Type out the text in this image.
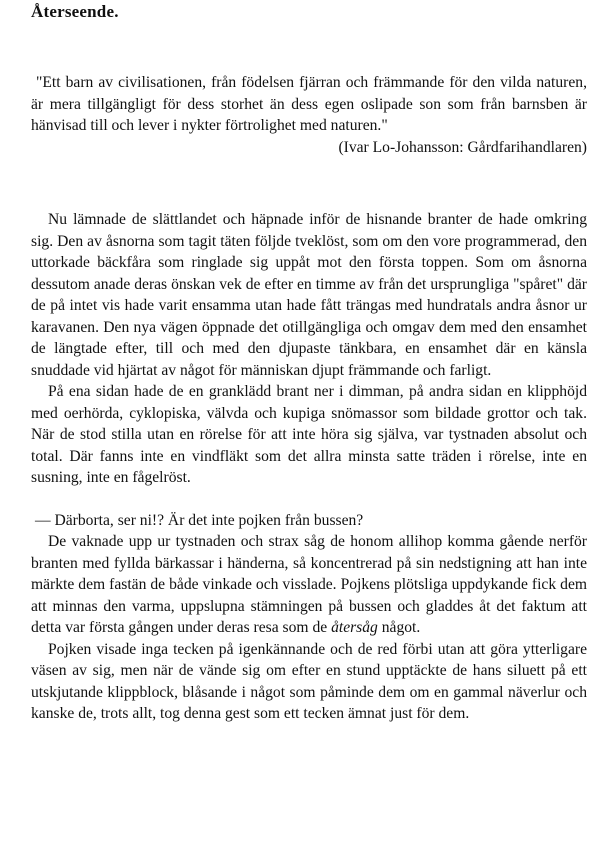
Återseende.
"Ett barn av civilisationen, från födelsen fjärran och främmande för den vilda naturen, är mera tillgängligt för dess storhet än dess egen oslipade son som från barnsben är hänvisad till och lever i nykter förtrolighet med naturen."
(Ivar Lo-Johansson: Gårdfarihandlaren)

Nu lämnade de slättlandet och häpnade inför de hisnande branter de hade omkring sig. Den av åsnorna som tagit täten följde tveklöst, som om den vore programmerad, den uttorkade bäckfåra som ringlade sig uppåt mot den första toppen. Som om åsnorna dessutom anade deras önskan vek de efter en timme av från det ursprungliga "spåret" där de på intet vis hade varit ensamma utan hade fått trängas med hundratals andra åsnor ur karavanen. Den nya vägen öppnade det otillgängliga och omgav dem med den ensamhet de längtade efter, till och med den djupaste tänkbara, en ensamhet där en känsla snuddade vid hjärtat av något för människan djupt främmande och farligt.

På ena sidan hade de en granklädd brant ner i dimman, på andra sidan en klipphöjd med oerhörda, cyklopiska, välvda och kupiga snömassor som bildade grottor och tak. När de stod stilla utan en rörelse för att inte höra sig själva, var tystnaden absolut och total. Där fanns inte en vindfläkt som det allra minsta satte träden i rörelse, inte en susning, inte en fågelröst.

— Därborta, ser ni!? Är det inte pojken från bussen?

De vaknade upp ur tystnaden och strax såg de honom allihop komma gående nerför branten med fyllda bärkassar i händerna, så koncentrerad på sin nedstigning att han inte märkte dem fastän de både vinkade och visslade. Pojkens plötsliga uppdykande fick dem att minnas den varma, uppslupna stämningen på bussen och gladdes åt det faktum att detta var första gången under deras resa som de återsåg något.

Pojken visade inga tecken på igenkännande och de red förbi utan att göra ytterligare väsen av sig, men när de vände sig om efter en stund upptäckte de hans siluett på ett utskjutande klippblock, blåsande i något som påminde dem om en gammal näverlur och kanske de, trots allt, tog denna gest som ett tecken ämnat just för dem.
